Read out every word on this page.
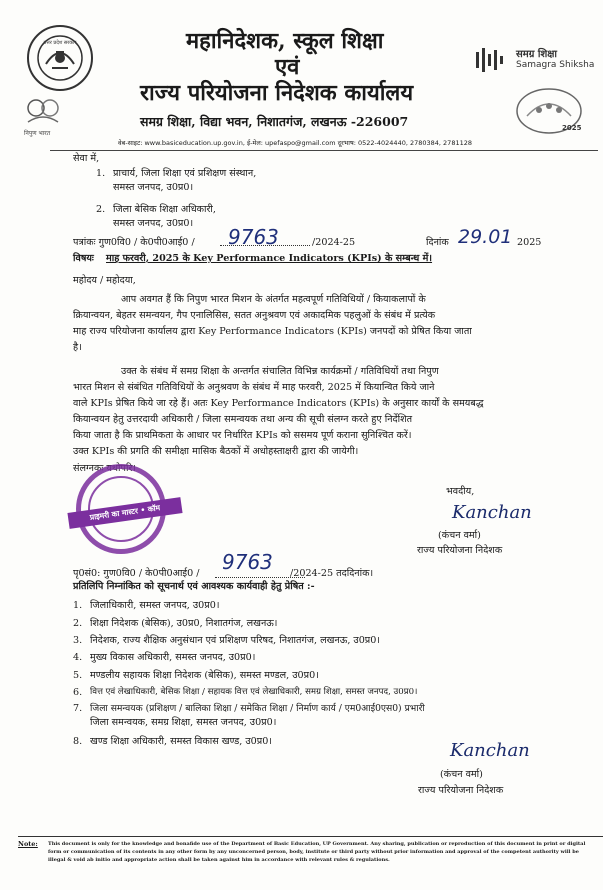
उत्तर प्रदेश सरकार
निपुण भारत
महानिदेशक, स्कूल शिक्षा
एवं
राज्य परियोजना निदेशक कार्यालय
समग्र शिक्षा, विद्या भवन, निशातगंज, लखनऊ -226007
वेब-साइट: www.basiceducation.up.gov.in, ई-मेल: upefaspo@gmail.com दूरभाष: 0522-4024440, 2780384, 2781128
समग्र शिक्षा
Samagra Shiksha
2025
सेवा में,
1. प्राचार्य, जिला शिक्षा एवं प्रशिक्षण संस्थान,
समस्त जनपद, उ0प्र0।
2. जिला बेसिक शिक्षा अधिकारी,
समस्त जनपद, उ0प्र0।
पत्रांकः गुण0वि0 / के0पी0आई0 / 9763	/2024-25	दिनांक 29.01 2025
विषयः माह फरवरी, 2025 के Key Performance Indicators (KPIs) के सम्बन्ध में।
महोदय / महोदया,
आप अवगत हैं कि निपुण भारत मिशन के अंतर्गत महत्वपूर्ण गतिविधियों / कियाकलापों के
क्रियान्वयन, बेहतर समन्वयन, गैप एनालिसिस, सतत अनुश्रवण एवं अकादमिक पहलुओं के संबंध में प्रत्येक
माह राज्य परियोजना कार्यालय द्वारा Key Performance Indicators (KPIs) जनपदों को प्रेषित किया जाता
है।
उक्त के संबंध में समग्र शिक्षा के अन्तर्गत संचालित विभिन्न कार्यक्रमों / गतिविधियों तथा निपुण
भारत मिशन से संबंधित गतिविधियों के अनुश्रवण के संबंध में माह फरवरी, 2025 में कियान्वित किये जाने
वाले KPIs प्रेषित किये जा रहे हैं। अतः Key Performance Indicators (KPIs) के अनुसार कार्यों के समयबद्ध
कियान्वयन हेतु उत्तरदायी अधिकारी / जिला समन्वयक तथा अन्य की सूची संलग्न करते हुए निर्देशित
किया जाता है कि प्राथमिकता के आधार पर निर्धारित KPIs को ससमय पूर्ण कराना सुनिश्चित करें।
उक्त KPIs की प्रगति की समीक्षा मासिक बैठकों में अधोहस्ताक्षरी द्वारा की जायेगी।
संलग्नकः यथोपरि।
प्राइमरी का मास्टर • कॉम
भवदीय,
Kanchan
(कंचन वर्मा)
राज्य परियोजना निदेशक
पृ0सं0: गुण0वि0 / के0पी0आई0 / 9763 /2024-25 तददिनांक।
प्रतिलिपि निम्नांकित को सूचनार्थ एवं आवश्यक कार्यवाही हेतु प्रेषित :-
1. जिलाधिकारी, समस्त जनपद, उ0प्र0।
2. शिक्षा निदेशक (बेसिक), उ0प्र0, निशातगंज, लखनऊ।
3. निदेशक, राज्य शैक्षिक अनुसंधान एवं प्रशिक्षण परिषद, निशातगंज, लखनऊ, उ0प्र0।
4. मुख्य विकास अधिकारी, समस्त जनपद, उ0प्र0।
5. मण्डलीय सहायक शिक्षा निदेशक (बेसिक), समस्त मण्डल, उ0प्र0।
6. वित्त एवं लेखाधिकारी, बेसिक शिक्षा / सहायक वित्त एवं लेखाधिकारी, समग्र शिक्षा, समस्त जनपद, उ0प्र0।
7. जिला समन्वयक (प्रशिक्षण / बालिका शिक्षा / समेकित शिक्षा / निर्माण कार्य / एम0आई0एस0) प्रभारी
जिला समन्वयक, समग्र शिक्षा, समस्त जनपद, उ0प्र0।
8. खण्ड शिक्षा अधिकारी, समस्त विकास खण्ड, उ0प्र0।	Kanchan
(कंचन वर्मा)
राज्य परियोजना निदेशक
Note: This document is only for the knowledge and bonafide use of the Department of Basic Education, UP Government. Any sharing, publication or reproduction of this document in print or digital form or communication of its contents in any other form by any unconcerned person, body, institute or third party without prior information and approval of the competent authority will be illegal & void ab initio and appropriate action shall be taken against him in accordance with relevant rules & regulations.
